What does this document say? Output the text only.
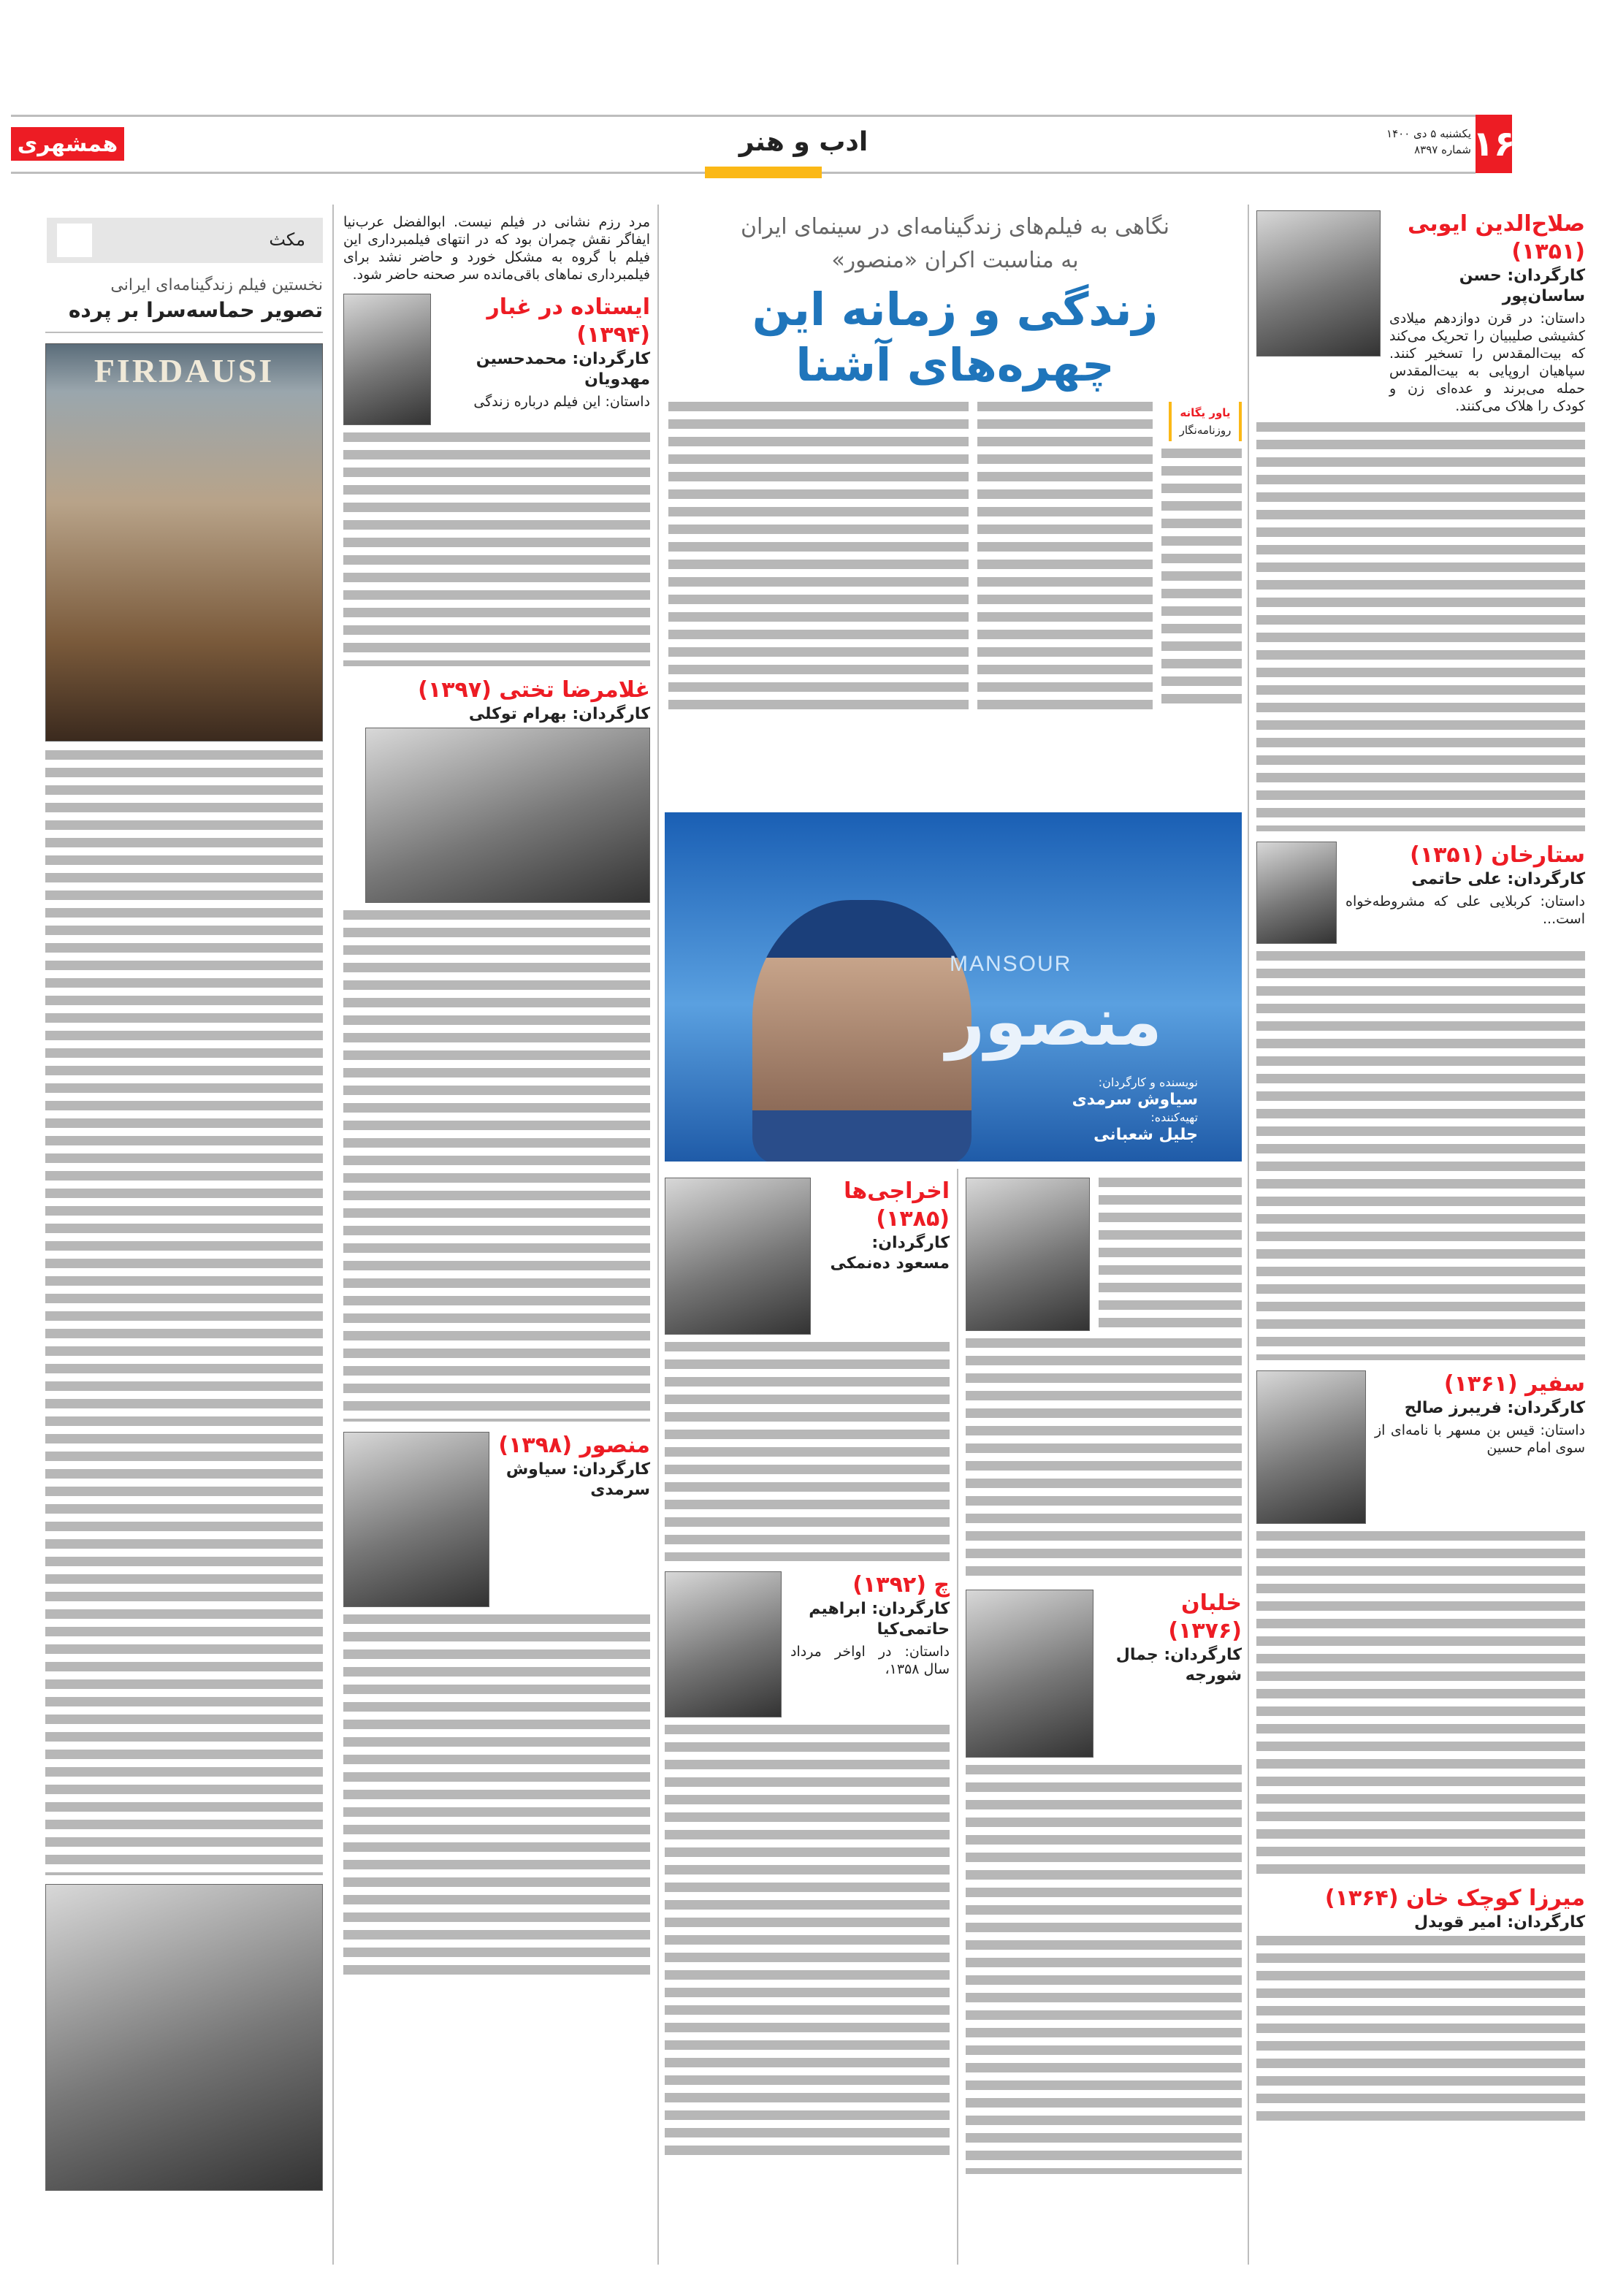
۱۶
یکشنبه ۵ دی ۱۴۰۰
شماره ۸۳۹۷
ادب و هنر
همشهری
نگاهی به فیلم‌های زندگینامه‌ای در سینمای ایران
به مناسبت اکران «منصور»
زندگی و زمانه این چهره‌های آشنا
یاور یگانه
روزنامه‌نگار
MANSOUR
منصور
نویسنده و کارگردان:
سیاوش سرمدی
تهیه‌کننده:
جلیل شعبانی
صلاح‌الدین ایوبی (۱۳۵۱)
کارگردان: حسن ساسان‌پور
داستان: در قرن دوازدهم میلادی کشیشی صلیبیان را تحریک می‌کند که بیت‌المقدس را تسخیر کنند. سپاهیان اروپایی به بیت‌المقدس حمله می‌برند و عده‌ای زن و کودک را هلاک می‌کنند.
ستارخان (۱۳۵۱)
کارگردان: علی حاتمی
داستان: کربلایی علی که مشروطه‌خواه است...
سفیر (۱۳۶۱)
کارگردان: فریبرز صالح
داستان: قیس بن مسهر با نامه‌ای از سوی امام حسین
میرزا کوچک خان (۱۳۶۴)
کارگردان: امیر قویدل
خلبان (۱۳۷۶)
کارگردان: جمال شورجه
اخراجی‌ها (۱۳۸۵)
کارگردان: مسعود ده‌نمکی
چ (۱۳۹۲)
کارگردان: ابراهیم حاتمی‌کیا
داستان: در اواخر مرداد سال ۱۳۵۸،
مرد رزم نشانی در فیلم نیست. ابوالفضل عرب‌نیا ایفاگر نقش چمران بود که در انتهای فیلمبرداری این فیلم با گروه به مشکل خورد و حاضر نشد برای فیلمبرداری نماهای باقی‌مانده سر صحنه حاضر شود.
ایستاده در غبار (۱۳۹۴)
کارگردان: محمدحسین مهدویان
داستان: این فیلم درباره زندگی
غلامرضا تختی (۱۳۹۷)
کارگردان: بهرام توکلی
منصور (۱۳۹۸)
کارگردان: سیاوش سرمدی
مکث
نخستین فیلم زندگینامه‌ای ایرانی
تصویر حماسه‌سرا بر پرده
FIRDAUSI
